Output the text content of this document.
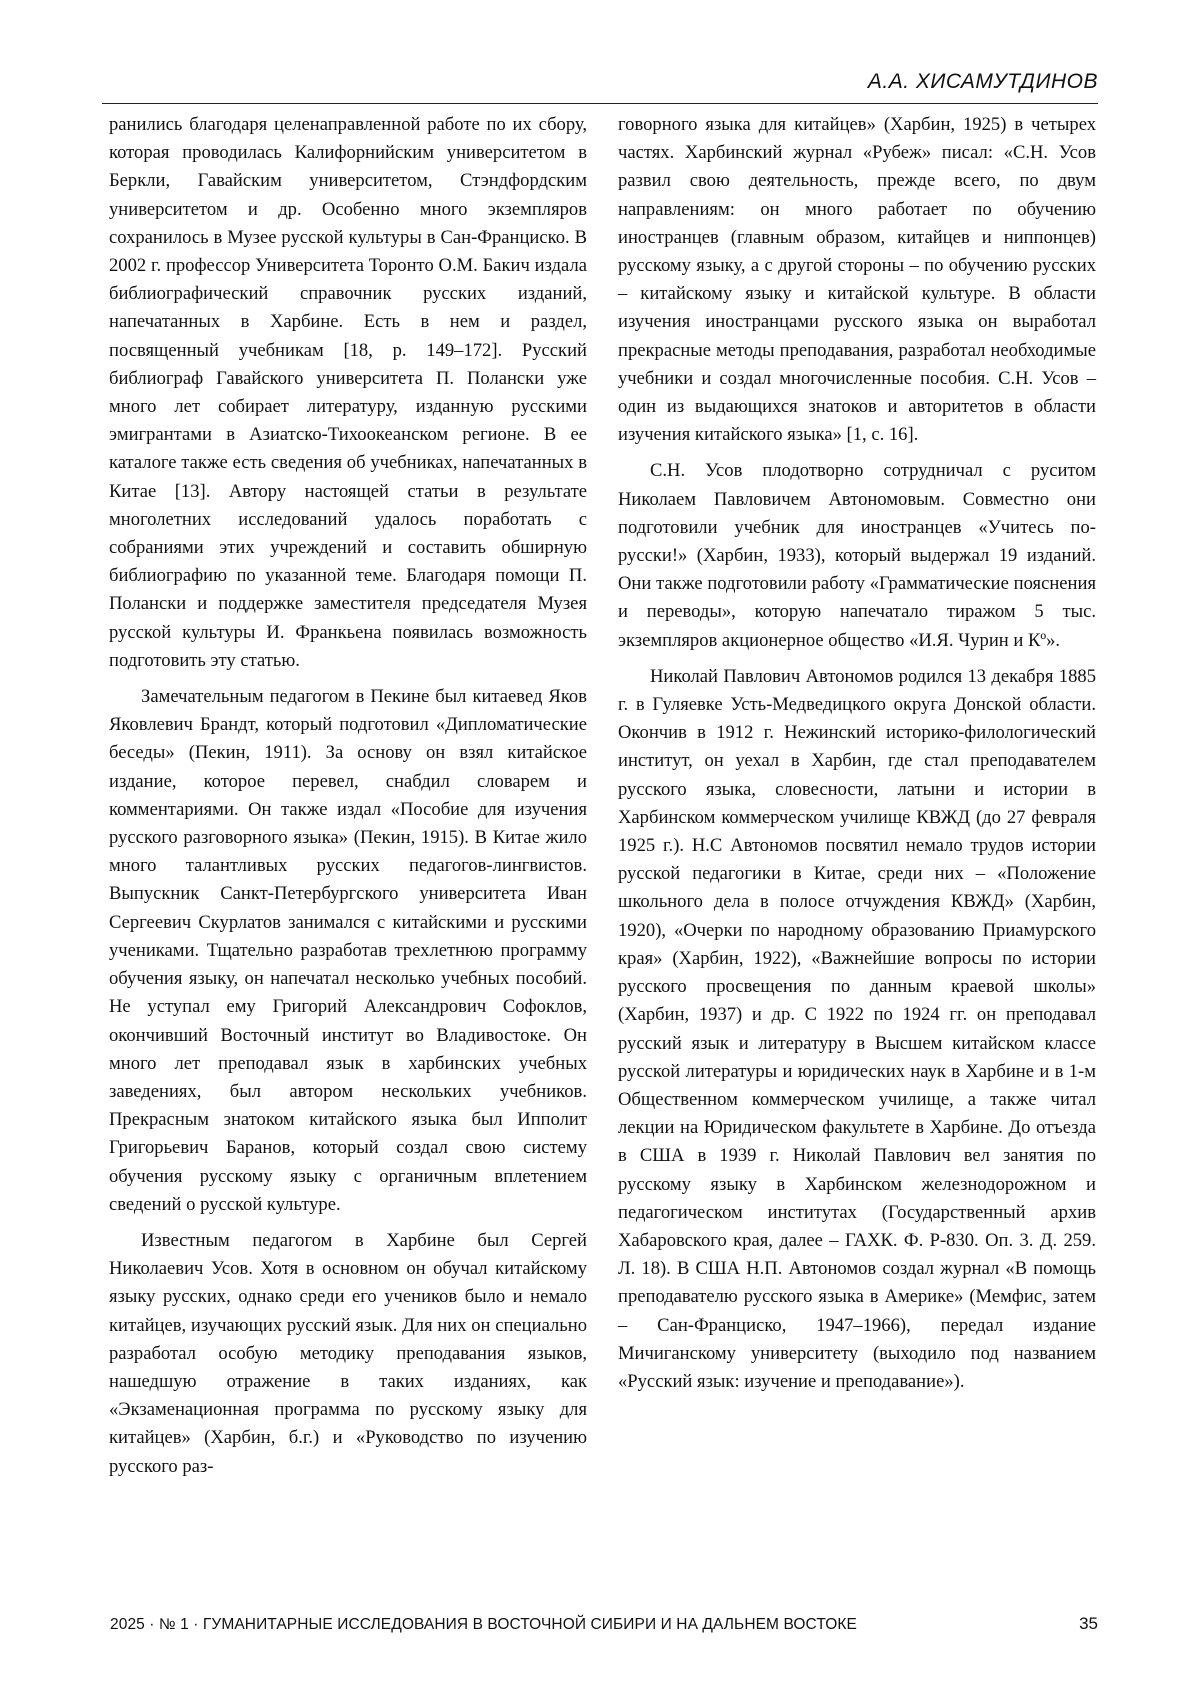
А.А. ХИСАМУТДИНОВ

ранились благодаря целенаправленной работе по их сбору, которая проводилась Калифорнийским университетом в Беркли, Гавайским университетом, Стэндфордским университетом и др. Особенно много экземпляров сохранилось в Музее русской культуры в Сан-Франциско. В 2002 г. профессор Университета Торонто О.М. Бакич издала библиографический справочник русских изданий, напечатанных в Харбине. Есть в нем и раздел, посвященный учебникам [18, p. 149–172]. Русский библиограф Гавайского университета П. Полански уже много лет собирает литературу, изданную русскими эмигрантами в Азиатско-Тихоокеанском регионе. В ее каталоге также есть сведения об учебниках, напечатанных в Китае [13]. Автору настоящей статьи в результате многолетних исследований удалось поработать с собраниями этих учреждений и составить обширную библиографию по указанной теме. Благодаря помощи П. Полански и поддержке заместителя председателя Музея русской культуры И. Франкьена появилась возможность подготовить эту статью.

Замечательным педагогом в Пекине был китаевед Яков Яковлевич Брандт, который подготовил «Дипломатические беседы» (Пекин, 1911). За основу он взял китайское издание, которое перевел, снабдил словарем и комментариями. Он также издал «Пособие для изучения русского разговорного языка» (Пекин, 1915). В Китае жило много талантливых русских педагогов-лингвистов. Выпускник Санкт-Петербургского университета Иван Сергеевич Скурлатов занимался с китайскими и русскими учениками. Тщательно разработав трехлетнюю программу обучения языку, он напечатал несколько учебных пособий. Не уступал ему Григорий Александрович Софоклов, окончивший Восточный институт во Владивостоке. Он много лет преподавал язык в харбинских учебных заведениях, был автором нескольких учебников. Прекрасным знатоком китайского языка был Ипполит Григорьевич Баранов, который создал свою систему обучения русскому языку с органичным вплетением сведений о русской культуре.

Известным педагогом в Харбине был Сергей Николаевич Усов. Хотя в основном он обучал китайскому языку русских, однако среди его учеников было и немало китайцев, изучающих русский язык. Для них он специально разработал особую методику преподавания языков, нашедшую отражение в таких изданиях, как «Экзаменационная программа по русскому языку для китайцев» (Харбин, б.г.) и «Руководство по изучению русского раз-

говорного языка для китайцев» (Харбин, 1925) в четырех частях. Харбинский журнал «Рубеж» писал: «С.Н. Усов развил свою деятельность, прежде всего, по двум направлениям: он много работает по обучению иностранцев (главным образом, китайцев и ниппонцев) русскому языку, а с другой стороны – по обучению русских – китайскому языку и китайской культуре. В области изучения иностранцами русского языка он выработал прекрасные методы преподавания, разработал необходимые учебники и создал многочисленные пособия. С.Н. Усов – один из выдающихся знатоков и авторитетов в области изучения китайского языка» [1, с. 16].

С.Н. Усов плодотворно сотрудничал с руситом Николаем Павловичем Автономовым. Совместно они подготовили учебник для иностранцев «Учитесь по-русски!» (Харбин, 1933), который выдержал 19 изданий. Они также подготовили работу «Грамматические пояснения и переводы», которую напечатало тиражом 5 тыс. экземпляров акционерное общество «И.Я. Чурин и Кº».

Николай Павлович Автономов родился 13 декабря 1885 г. в Гуляевке Усть-Медведицкого округа Донской области. Окончив в 1912 г. Нежинский историко-филологический институт, он уехал в Харбин, где стал преподавателем русского языка, словесности, латыни и истории в Харбинском коммерческом училище КВЖД (до 27 февраля 1925 г.). Н.С Автономов посвятил немало трудов истории русской педагогики в Китае, среди них – «Положение школьного дела в полосе отчуждения КВЖД» (Харбин, 1920), «Очерки по народному образованию Приамурского края» (Харбин, 1922), «Важнейшие вопросы по истории русского просвещения по данным краевой школы» (Харбин, 1937) и др. С 1922 по 1924 гг. он преподавал русский язык и литературу в Высшем китайском классе русской литературы и юридических наук в Харбине и в 1-м Общественном коммерческом училище, а также читал лекции на Юридическом факультете в Харбине. До отъезда в США в 1939 г. Николай Павлович вел занятия по русскому языку в Харбинском железнодорожном и педагогическом институтах (Государственный архив Хабаровского края, далее – ГАХК. Ф. Р-830. Оп. 3. Д. 259. Л. 18). В США Н.П. Автономов создал журнал «В помощь преподавателю русского языка в Америке» (Мемфис, затем – Сан-Франциско, 1947–1966), передал издание Мичиганскому университету (выходило под названием «Русский язык: изучение и преподавание»).

2025 · № 1 · ГУМАНИТАРНЫЕ ИССЛЕДОВАНИЯ В ВОСТОЧНОЙ СИБИРИ И НА ДАЛЬНЕМ ВОСТОКЕ	35
